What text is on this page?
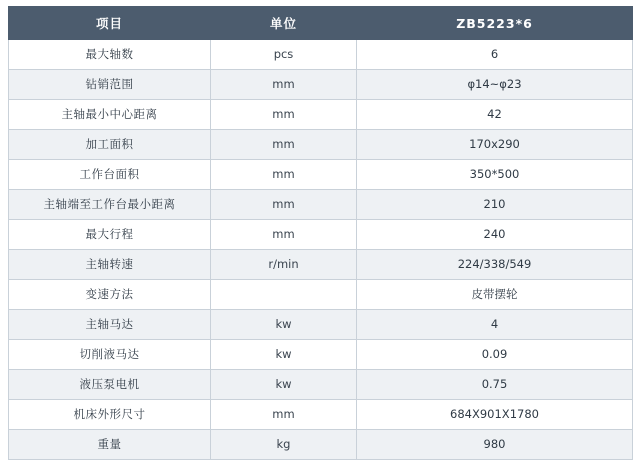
项目	单位	ZB5223*6
最大轴数	pcs	6
钻销范围	mm	φ14~φ23
主轴最小中心距离	mm	42
加工面积	mm	170x290
工作台面积	mm	350*500
主轴端至工作台最小距离	mm	210
最大行程	mm	240
主轴转速	r/min	224/338/549
变速方法		皮带摆轮
主轴马达	kw	4
切削液马达	kw	0.09
液压泵电机	kw	0.75
机床外形尺寸	mm	684X901X1780
重量	kg	980
